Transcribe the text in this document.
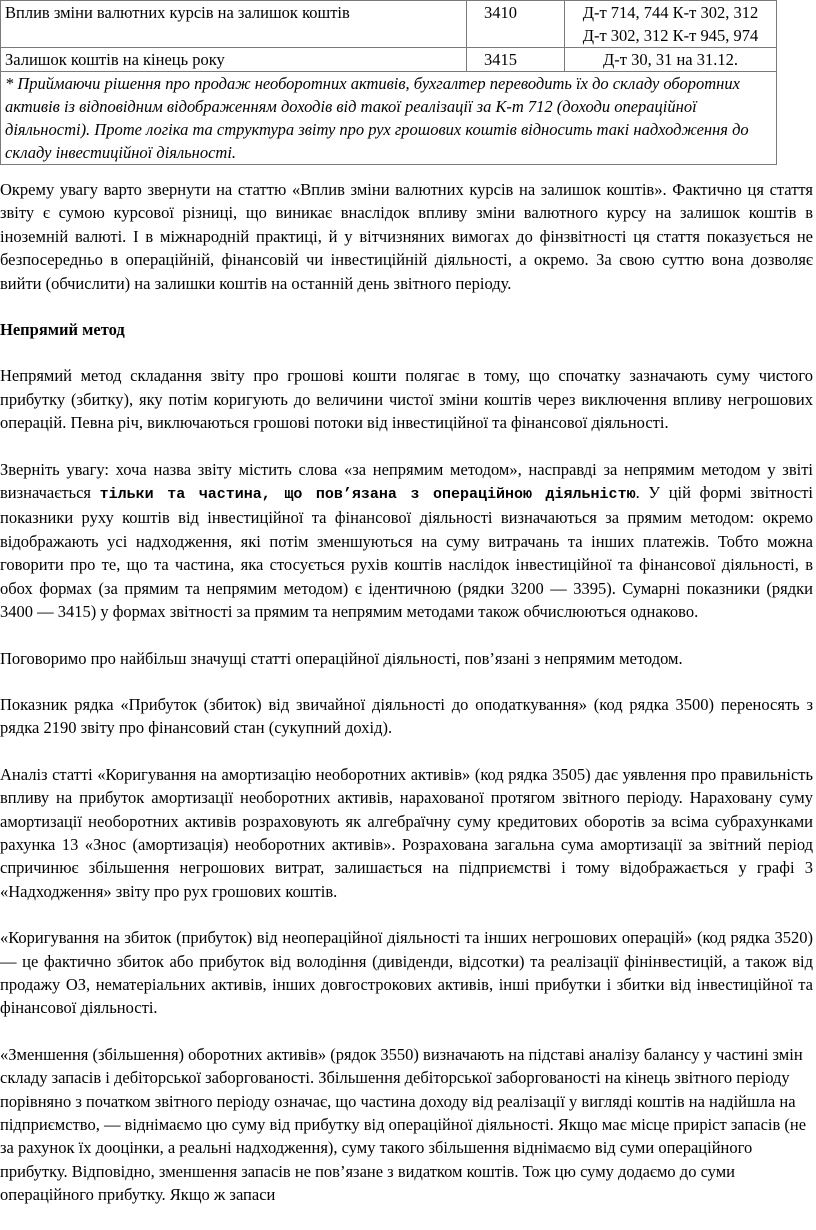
Вплив зміни валютних курсів на залишок коштів	3410	Д-т 714, 744 К-т 302, 312
Д-т 302, 312 К-т 945, 974

Залишок коштів на кінець року	3415	Д-т 30, 31 на 31.12.

* Приймаючи рішення про продаж необоротних активів, бухгалтер переводить їх до складу оборотних активів із відповідним відображенням доходів від такої реалізації за К-т 712 (доходи операційної діяльності). Проте логіка та структура звіту про рух грошових коштів відносить такі надходження до складу інвестиційної діяльності.		

Окрему увагу варто звернути на статтю «Вплив зміни валютних курсів на залишок коштів». Фактично ця стаття звіту є сумою курсової різниці, що виникає внаслідок впливу зміни валютного курсу на залишок коштів в іноземній валюті. І в міжнародній практиці, й у вітчизняних вимогах до фінзвітності ця стаття показується не безпосередньо в операційній, фінансовій чи інвестиційній діяльності, а окремо. За свою суттю вона дозволяє вийти (обчислити) на залишки коштів на останній день звітного періоду.

Непрямий метод

Непрямий метод складання звіту про грошові кошти полягає в тому, що спочатку зазначають суму чистого прибутку (збитку), яку потім коригують до величини чистої зміни коштів через виключення впливу негрошових операцій. Певна річ, виключаються грошові потоки від інвестиційної та фінансової діяльності.

Зверніть увагу: хоча назва звіту містить слова «за непрямим методом», насправді за непрямим методом у звіті визначається тільки та частина, що пов’язана з операційною діяльністю. У цій формі звітності показники руху коштів від інвестиційної та фінансової діяльності визначаються за прямим методом: окремо відображають усі надходження, які потім зменшуються на суму витрачань та інших платежів. Тобто можна говорити про те, що та частина, яка стосується рухів коштів наслідок інвестиційної та фінансової діяльності, в обох формах (за прямим та непрямим методом) є ідентичною (рядки 3200 — 3395). Сумарні показники (рядки 3400 — 3415) у формах звітності за прямим та непрямим методами також обчислюються однаково.

Поговоримо про найбільш значущі статті операційної діяльності, пов’язані з непрямим методом.

Показник рядка «Прибуток (збиток) від звичайної діяльності до оподаткування» (код рядка 3500) переносять з рядка 2190 звіту про фінансовий стан (сукупний дохід).

Аналіз статті «Коригування на амортизацію необоротних активів» (код рядка 3505) дає уявлення про правильність впливу на прибуток амортизації необоротних активів, нарахованої протягом звітного періоду. Нараховану суму амортизації необоротних активів розраховують як алгебраїчну суму кредитових оборотів за всіма субрахунками рахунка 13 «Знос (амортизація) необоротних активів». Розрахована загальна сума амортизації за звітний період спричинює збільшення негрошових витрат, залишається на підприємстві і тому відображається у графі 3 «Надходження» звіту про рух грошових коштів.

«Коригування на збиток (прибуток) від неопераційної діяльності та інших негрошових операцій» (код рядка 3520) — це фактично збиток або прибуток від володіння (дивіденди, відсотки) та реалізації фінінвестицій, а також від продажу ОЗ, нематеріальних активів, інших довгострокових активів, інші прибутки і збитки від інвестиційної та фінансової діяльності.

«Зменшення (збільшення) оборотних активів» (рядок 3550) визначають на підставі аналізу балансу у частині змін складу запасів і дебіторської заборгованості. Збільшення дебіторської заборгованості на кінець звітного періоду порівняно з початком звітного періоду означає, що частина доходу від реалізації у вигляді коштів на надійшла на підприємство, — віднімаємо цю суму від прибутку від операційної діяльності. Якщо має місце приріст запасів (не за рахунок їх дооцінки, а реальні надходження), суму такого збільшення віднімаємо від суми операційного прибутку. Відповідно, зменшення запасів не пов’язане з видатком коштів. Тож цю суму додаємо до суми операційного прибутку. Якщо ж запаси
